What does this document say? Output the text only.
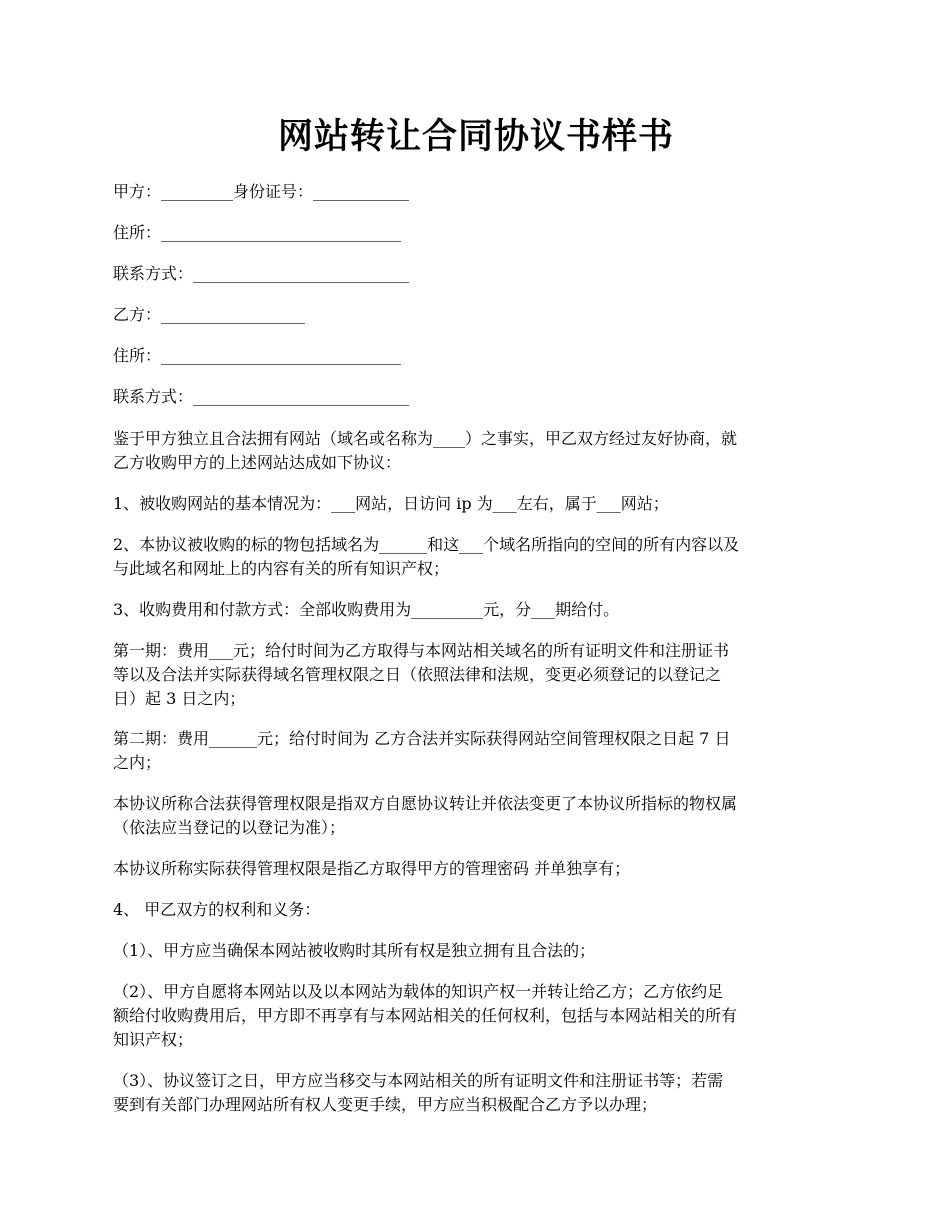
网站转让合同协议书样书
甲方：_________身份证号：____________
住所：______________________________
联系方式：___________________________
乙方：__________________
住所：______________________________
联系方式：___________________________
鉴于甲方独立且合法拥有网站（域名或名称为____）之事实，甲乙双方经过友好协商，就
乙方收购甲方的上述网站达成如下协议：
1、被收购网站的基本情况为：___网站，日访问 ip 为___左右，属于___网站；
2、本协议被收购的标的物包括域名为______和这___个域名所指向的空间的所有内容以及
与此域名和网址上的内容有关的所有知识产权；
3、收购费用和付款方式：全部收购费用为_________元，分___期给付。
第一期：费用___元；给付时间为乙方取得与本网站相关域名的所有证明文件和注册证书
等以及合法并实际获得域名管理权限之日（依照法律和法规，变更必须登记的以登记之
日）起 3 日之内；
第二期：费用______元；给付时间为 乙方合法并实际获得网站空间管理权限之日起 7 日
之内；
本协议所称合法获得管理权限是指双方自愿协议转让并依法变更了本协议所指标的物权属
（依法应当登记的以登记为准）；
本协议所称实际获得管理权限是指乙方取得甲方的管理密码 并单独享有；
4、 甲乙双方的权利和义务：
（1）、甲方应当确保本网站被收购时其所有权是独立拥有且合法的；
（2）、甲方自愿将本网站以及以本网站为载体的知识产权一并转让给乙方；乙方依约足
额给付收购费用后，甲方即不再享有与本网站相关的任何权利，包括与本网站相关的所有
知识产权；
（3）、协议签订之日，甲方应当移交与本网站相关的所有证明文件和注册证书等；若需
要到有关部门办理网站所有权人变更手续，甲方应当积极配合乙方予以办理；
